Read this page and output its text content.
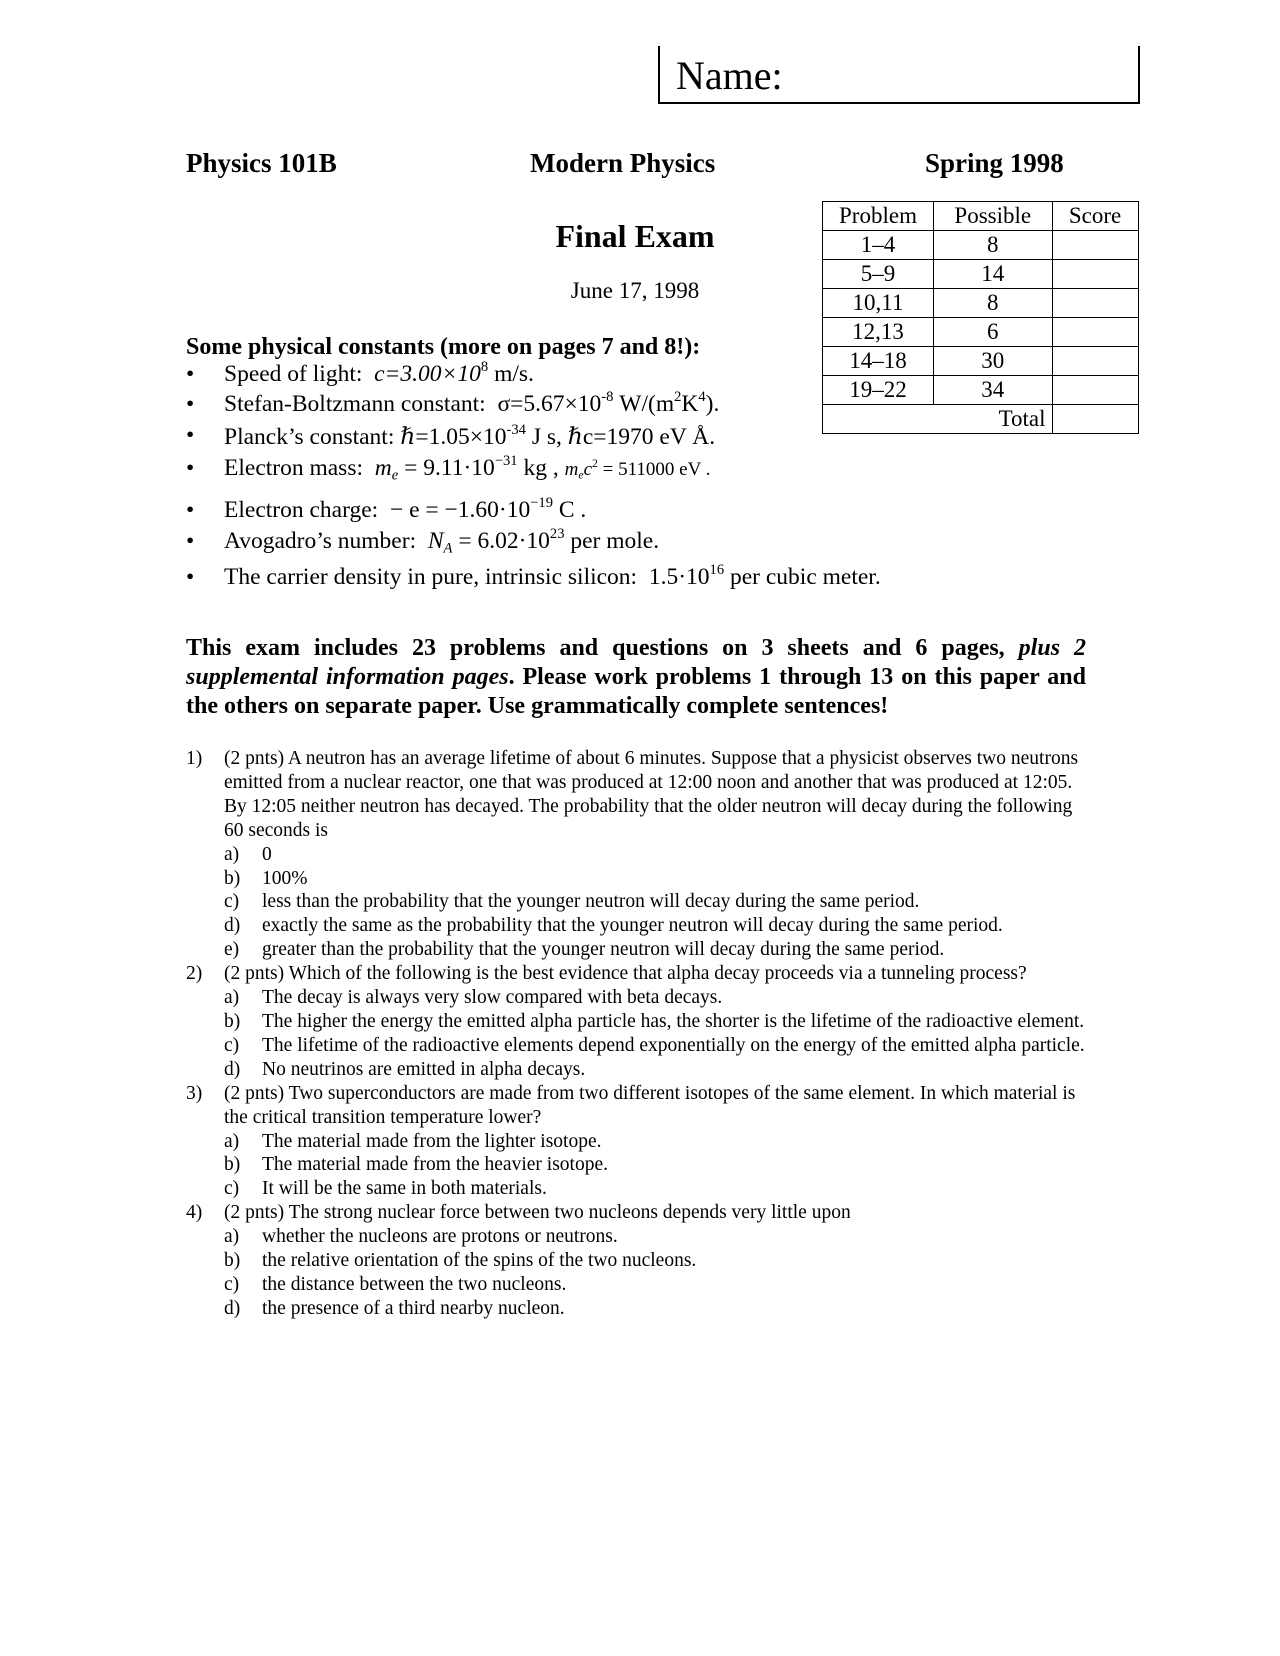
Name:
Physics 101B	Modern Physics	Spring 1998
Final Exam
June 17, 1998
Problem	Possible	Score
1–4	8	
5–9	14	
10,11	8	
12,13	6	
14–18	30	
19–22	34	
	Total	
Some physical constants (more on pages 7 and 8!):
• Speed of light: $c=3.00\times 10^8$ m/s.
• Stefan-Boltzmann constant: $\sigma=5.67\times 10^{-8}$ $W/(m^2K^4)$.
• Planck’s constant: $\hbar=1.05\times 10^{-34}$ J s, ℏc=1970 eV Å.
• Electron mass: $m_e = 9.11\cdot 10^{-31}$ kg , $m_ec^2 = 511000$ eV .
• Electron charge:  − $e = -1.60\cdot 10^{-19}$ C .
• Avogadro’s number: $N_A = 6.02\cdot 10^{23}$ per mole.
• The carrier density in pure, intrinsic silicon: $1.5\cdot 10^{16}$ per cubic meter.
This exam includes 23 problems and questions on 3 sheets and 6 pages, plus 2 supplemental information pages. Please work problems 1 through 13 on this paper and the others on separate paper. Use grammatically complete sentences!
1) (2 pnts) A neutron has an average lifetime of about 6 minutes. Suppose that a physicist observes two neutrons emitted from a nuclear reactor, one that was produced at 12:00 noon and another that was produced at 12:05. By 12:05 neither neutron has decayed. The probability that the older neutron will decay during the following 60 seconds is
a) 0
b) 100%
c) less than the probability that the younger neutron will decay during the same period.
d) exactly the same as the probability that the younger neutron will decay during the same period.
e) greater than the probability that the younger neutron will decay during the same period.
2) (2 pnts) Which of the following is the best evidence that alpha decay proceeds via a tunneling process?
a) The decay is always very slow compared with beta decays.
b) The higher the energy the emitted alpha particle has, the shorter is the lifetime of the radioactive element.
c) The lifetime of the radioactive elements depend exponentially on the energy of the emitted alpha particle.
d) No neutrinos are emitted in alpha decays.
3) (2 pnts) Two superconductors are made from two different isotopes of the same element. In which material is the critical transition temperature lower?
a) The material made from the lighter isotope.
b) The material made from the heavier isotope.
c) It will be the same in both materials.
4) (2 pnts) The strong nuclear force between two nucleons depends very little upon
a) whether the nucleons are protons or neutrons.
b) the relative orientation of the spins of the two nucleons.
c) the distance between the two nucleons.
d) the presence of a third nearby nucleon.
